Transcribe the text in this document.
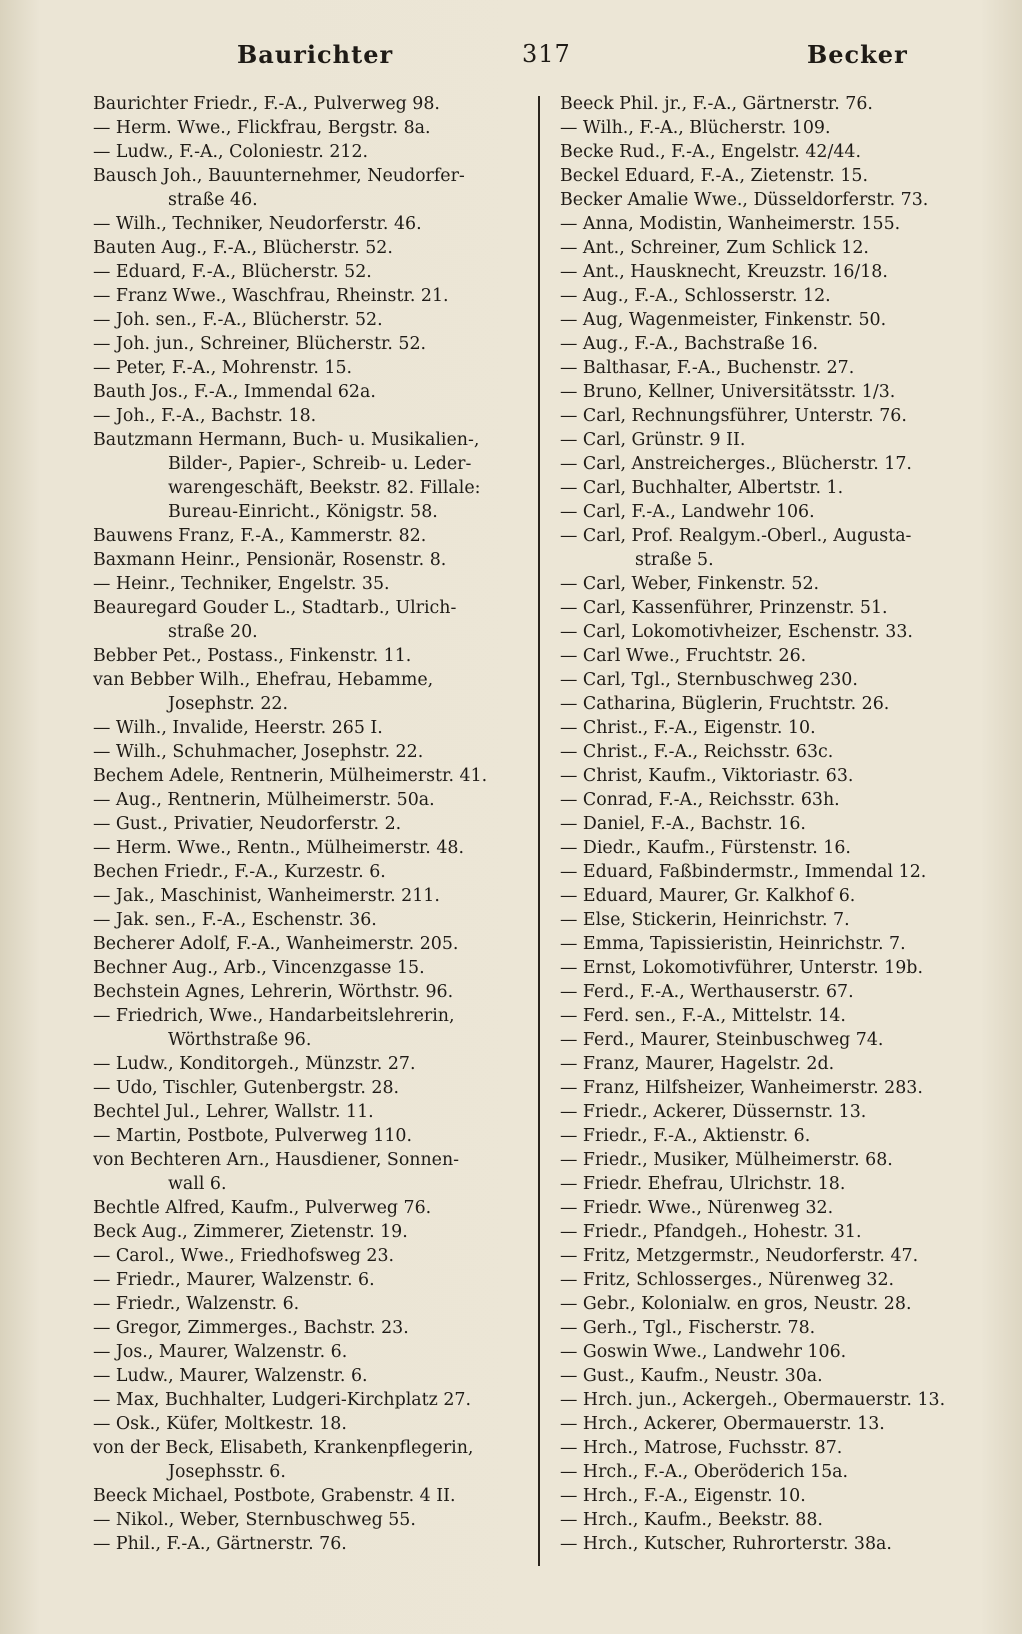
Baurichter	317	Becker
Baurichter Friedr., F.-A., Pulverweg 98.
— Herm. Wwe., Flickfrau, Bergstr. 8a.
— Ludw., F.-A., Coloniestr. 212.
Bausch Joh., Bauunternehmer, Neudorfer-
straße 46.
— Wilh., Techniker, Neudorferstr. 46.
Bauten Aug., F.-A., Blücherstr. 52.
— Eduard, F.-A., Blücherstr. 52.
— Franz Wwe., Waschfrau, Rheinstr. 21.
— Joh. sen., F.-A., Blücherstr. 52.
— Joh. jun., Schreiner, Blücherstr. 52.
— Peter, F.-A., Mohrenstr. 15.
Bauth Jos., F.-A., Immendal 62a.
— Joh., F.-A., Bachstr. 18.
Bautzmann Hermann, Buch- u. Musikalien-,
Bilder-, Papier-, Schreib- u. Leder-
warengeschäft, Beekstr. 82. Fillale:
Bureau-Einricht., Königstr. 58.
Bauwens Franz, F.-A., Kammerstr. 82.
Baxmann Heinr., Pensionär, Rosenstr. 8.
— Heinr., Techniker, Engelstr. 35.
Beauregard Gouder L., Stadtarb., Ulrich-
straße 20.
Bebber Pet., Postass., Finkenstr. 11.
van Bebber Wilh., Ehefrau, Hebamme,
Josephstr. 22.
— Wilh., Invalide, Heerstr. 265 I.
— Wilh., Schuhmacher, Josephstr. 22.
Bechem Adele, Rentnerin, Mülheimerstr. 41.
— Aug., Rentnerin, Mülheimerstr. 50a.
— Gust., Privatier, Neudorferstr. 2.
— Herm. Wwe., Rentn., Mülheimerstr. 48.
Bechen Friedr., F.-A., Kurzestr. 6.
— Jak., Maschinist, Wanheimerstr. 211.
— Jak. sen., F.-A., Eschenstr. 36.
Becherer Adolf, F.-A., Wanheimerstr. 205.
Bechner Aug., Arb., Vincenzgasse 15.
Bechstein Agnes, Lehrerin, Wörthstr. 96.
— Friedrich, Wwe., Handarbeitslehrerin,
Wörthstraße 96.
— Ludw., Konditorgeh., Münzstr. 27.
— Udo, Tischler, Gutenbergstr. 28.
Bechtel Jul., Lehrer, Wallstr. 11.
— Martin, Postbote, Pulverweg 110.
von Bechteren Arn., Hausdiener, Sonnen-
wall 6.
Bechtle Alfred, Kaufm., Pulverweg 76.
Beck Aug., Zimmerer, Zietenstr. 19.
— Carol., Wwe., Friedhofsweg 23.
— Friedr., Maurer, Walzenstr. 6.
— Friedr., Walzenstr. 6.
— Gregor, Zimmerges., Bachstr. 23.
— Jos., Maurer, Walzenstr. 6.
— Ludw., Maurer, Walzenstr. 6.
— Max, Buchhalter, Ludgeri-Kirchplatz 27.
— Osk., Küfer, Moltkestr. 18.
von der Beck, Elisabeth, Krankenpflegerin,
Josephsstr. 6.
Beeck Michael, Postbote, Grabenstr. 4 II.
— Nikol., Weber, Sternbuschweg 55.
— Phil., F.-A., Gärtnerstr. 76.
Beeck Phil. jr., F.-A., Gärtnerstr. 76.
— Wilh., F.-A., Blücherstr. 109.
Becke Rud., F.-A., Engelstr. 42/44.
Beckel Eduard, F.-A., Zietenstr. 15.
Becker Amalie Wwe., Düsseldorferstr. 73.
— Anna, Modistin, Wanheimerstr. 155.
— Ant., Schreiner, Zum Schlick 12.
— Ant., Hausknecht, Kreuzstr. 16/18.
— Aug., F.-A., Schlosserstr. 12.
— Aug, Wagenmeister, Finkenstr. 50.
— Aug., F.-A., Bachstraße 16.
— Balthasar, F.-A., Buchenstr. 27.
— Bruno, Kellner, Universitätsstr. 1/3.
— Carl, Rechnungsführer, Unterstr. 76.
— Carl, Grünstr. 9 II.
— Carl, Anstreicherges., Blücherstr. 17.
— Carl, Buchhalter, Albertstr. 1.
— Carl, F.-A., Landwehr 106.
— Carl, Prof. Realgym.-Oberl., Augusta-
straße 5.
— Carl, Weber, Finkenstr. 52.
— Carl, Kassenführer, Prinzenstr. 51.
— Carl, Lokomotivheizer, Eschenstr. 33.
— Carl Wwe., Fruchtstr. 26.
— Carl, Tgl., Sternbuschweg 230.
— Catharina, Büglerin, Fruchtstr. 26.
— Christ., F.-A., Eigenstr. 10.
— Christ., F.-A., Reichsstr. 63c.
— Christ, Kaufm., Viktoriastr. 63.
— Conrad, F.-A., Reichsstr. 63h.
— Daniel, F.-A., Bachstr. 16.
— Diedr., Kaufm., Fürstenstr. 16.
— Eduard, Faßbindermstr., Immendal 12.
— Eduard, Maurer, Gr. Kalkhof 6.
— Else, Stickerin, Heinrichstr. 7.
— Emma, Tapissieristin, Heinrichstr. 7.
— Ernst, Lokomotivführer, Unterstr. 19b.
— Ferd., F.-A., Werthauserstr. 67.
— Ferd. sen., F.-A., Mittelstr. 14.
— Ferd., Maurer, Steinbuschweg 74.
— Franz, Maurer, Hagelstr. 2d.
— Franz, Hilfsheizer, Wanheimerstr. 283.
— Friedr., Ackerer, Düssernstr. 13.
— Friedr., F.-A., Aktienstr. 6.
— Friedr., Musiker, Mülheimerstr. 68.
— Friedr. Ehefrau, Ulrichstr. 18.
— Friedr. Wwe., Nürenweg 32.
— Friedr., Pfandgeh., Hohestr. 31.
— Fritz, Metzgermstr., Neudorferstr. 47.
— Fritz, Schlosserges., Nürenweg 32.
— Gebr., Kolonialw. en gros, Neustr. 28.
— Gerh., Tgl., Fischerstr. 78.
— Goswin Wwe., Landwehr 106.
— Gust., Kaufm., Neustr. 30a.
— Hrch. jun., Ackergeh., Obermauerstr. 13.
— Hrch., Ackerer, Obermauerstr. 13.
— Hrch., Matrose, Fuchsstr. 87.
— Hrch., F.-A., Oberöderich 15a.
— Hrch., F.-A., Eigenstr. 10.
— Hrch., Kaufm., Beekstr. 88.
— Hrch., Kutscher, Ruhrorterstr. 38a.
